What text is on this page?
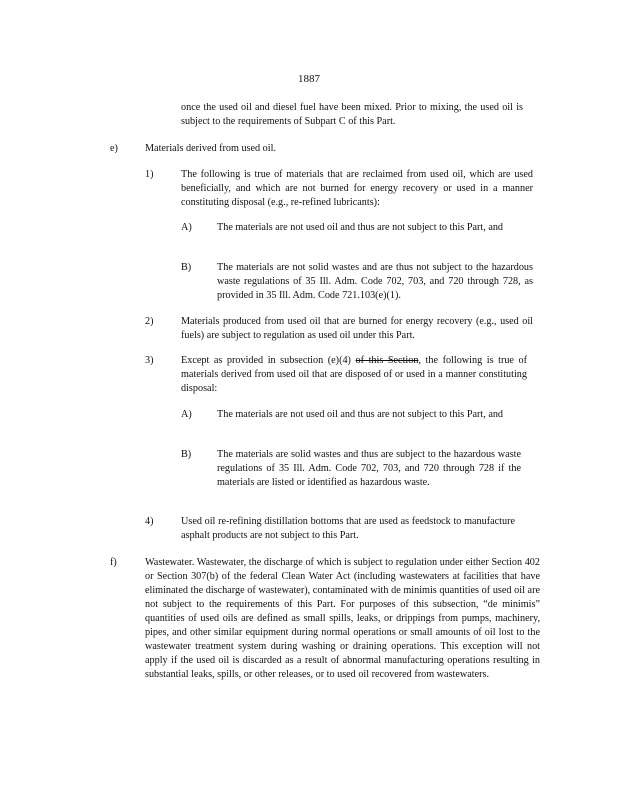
1887
once the used oil and diesel fuel have been mixed. Prior to mixing, the used oil is subject to the requirements of Subpart C of this Part.
e)	Materials derived from used oil.
1)	The following is true of materials that are reclaimed from used oil, which are used beneficially, and which are not burned for energy recovery or used in a manner constituting disposal (e.g., re-refined lubricants):
A) The materials are not used oil and thus are not subject to this Part, and
B)	The materials are not solid wastes and are thus not subject to the hazardous waste regulations of 35 Ill. Adm. Code 702, 703, and 720 through 728, as provided in 35 Ill. Adm. Code 721.103(e)(1).
2)	Materials produced from used oil that are burned for energy recovery (e.g., used oil fuels) are subject to regulation as used oil under this Part.
3)	Except as provided in subsection (e)(4) of this Section, the following is true of materials derived from used oil that are disposed of or used in a manner constituting disposal:
A) The materials are not used oil and thus are not subject to this Part, and
B)	The materials are solid wastes and thus are subject to the hazardous waste regulations of 35 Ill. Adm. Code 702, 703, and 720 through 728 if the materials are listed or identified as hazardous waste.
4)	Used oil re-refining distillation bottoms that are used as feedstock to manufacture asphalt products are not subject to this Part.
f)	Wastewater. Wastewater, the discharge of which is subject to regulation under either Section 402 or Section 307(b) of the federal Clean Water Act (including wastewaters at facilities that have eliminated the discharge of wastewater), contaminated with de minimis quantities of used oil are not subject to the requirements of this Part. For purposes of this subsection, “de minimis” quantities of used oils are defined as small spills, leaks, or drippings from pumps, machinery, pipes, and other similar equipment during normal operations or small amounts of oil lost to the wastewater treatment system during washing or draining operations. This exception will not apply if the used oil is discarded as a result of abnormal manufacturing operations resulting in substantial leaks, spills, or other releases, or to used oil recovered from wastewaters.
